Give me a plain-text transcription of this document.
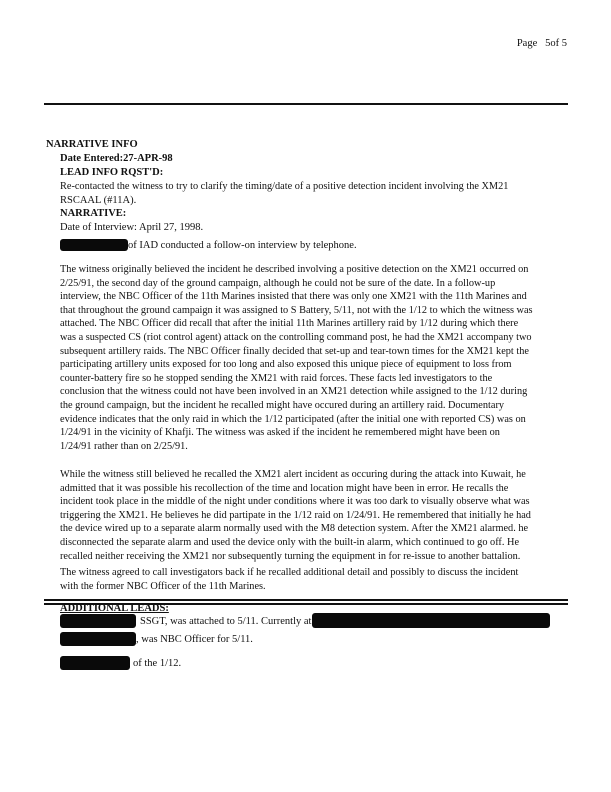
Page 5of 5
NARRATIVE INFO
Date Entered:27-APR-98
LEAD INFO RQST'D:
Re-contacted the witness to try to clarify the timing/date of a positive detection incident involving the XM21
RSCAAL (#11A).
NARRATIVE:
Date of Interview: April 27, 1998.
of IAD conducted a follow-on interview by telephone.
The witness originally believed the incident he described involving a positive detection on the XM21 occurred on
2/25/91, the second day of the ground campaign, although he could not be sure of the date. In a follow-up
interview, the NBC Officer of the 11th Marines insisted that there was only one XM21 with the 11th Marines and
that throughout the ground campaign it was assigned to S Battery, 5/11, not with the 1/12 to which the witness was
attached. The NBC Officer did recall that after the initial 11th Marines artillery raid by 1/12 during which there
was a suspected CS (riot control agent) attack on the controlling command post, he had the XM21 accompany two
subsequent artillery raids. The NBC Officer finally decided that set-up and tear-town times for the XM21 kept the
participating artillery units exposed for too long and also exposed this unique piece of equipment to loss from
counter-battery fire so he stopped sending the XM21 with raid forces. These facts led investigators to the
conclusion that the witness could not have been involved in an XM21 detection while assigned to the 1/12 during
the ground campaign, but the incident he recalled might have occured during an artillery raid. Documentary
evidence indicates that the only raid in which the 1/12 participated (after the initial one with reported CS) was on
1/24/91 in the vicinity of Khafji. The witness was asked if the incident he remembered might have been on
1/24/91 rather than on 2/25/91.
While the witness still believed he recalled the XM21 alert incident as occuring during the attack into Kuwait, he
admitted that it was possible his recollection of the time and location might have been in error. He recalls the
incident took place in the middle of the night under conditions where it was too dark to visually observe what was
triggering the XM21. He believes he did partipate in the 1/12 raid on 1/24/91. He remembered that initially he had
the device wired up to a separate alarm normally used with the M8 detection system. After the XM21 alarmed. he
disconnected the separate alarm and used the device only with the built-in alarm, which continued to go off. He
recalled neither receiving the XM21 nor subsequently turning the equipment in for re-issue to another battalion.
The witness agreed to call investigators back if he recalled additional detail and possibly to discuss the incident
with the former NBC Officer of the 11th Marines.
ADDITIONAL LEADS:
SSGT, was attached to 5/11. Currently at
, was NBC Officer for 5/11.
of the 1/12.
